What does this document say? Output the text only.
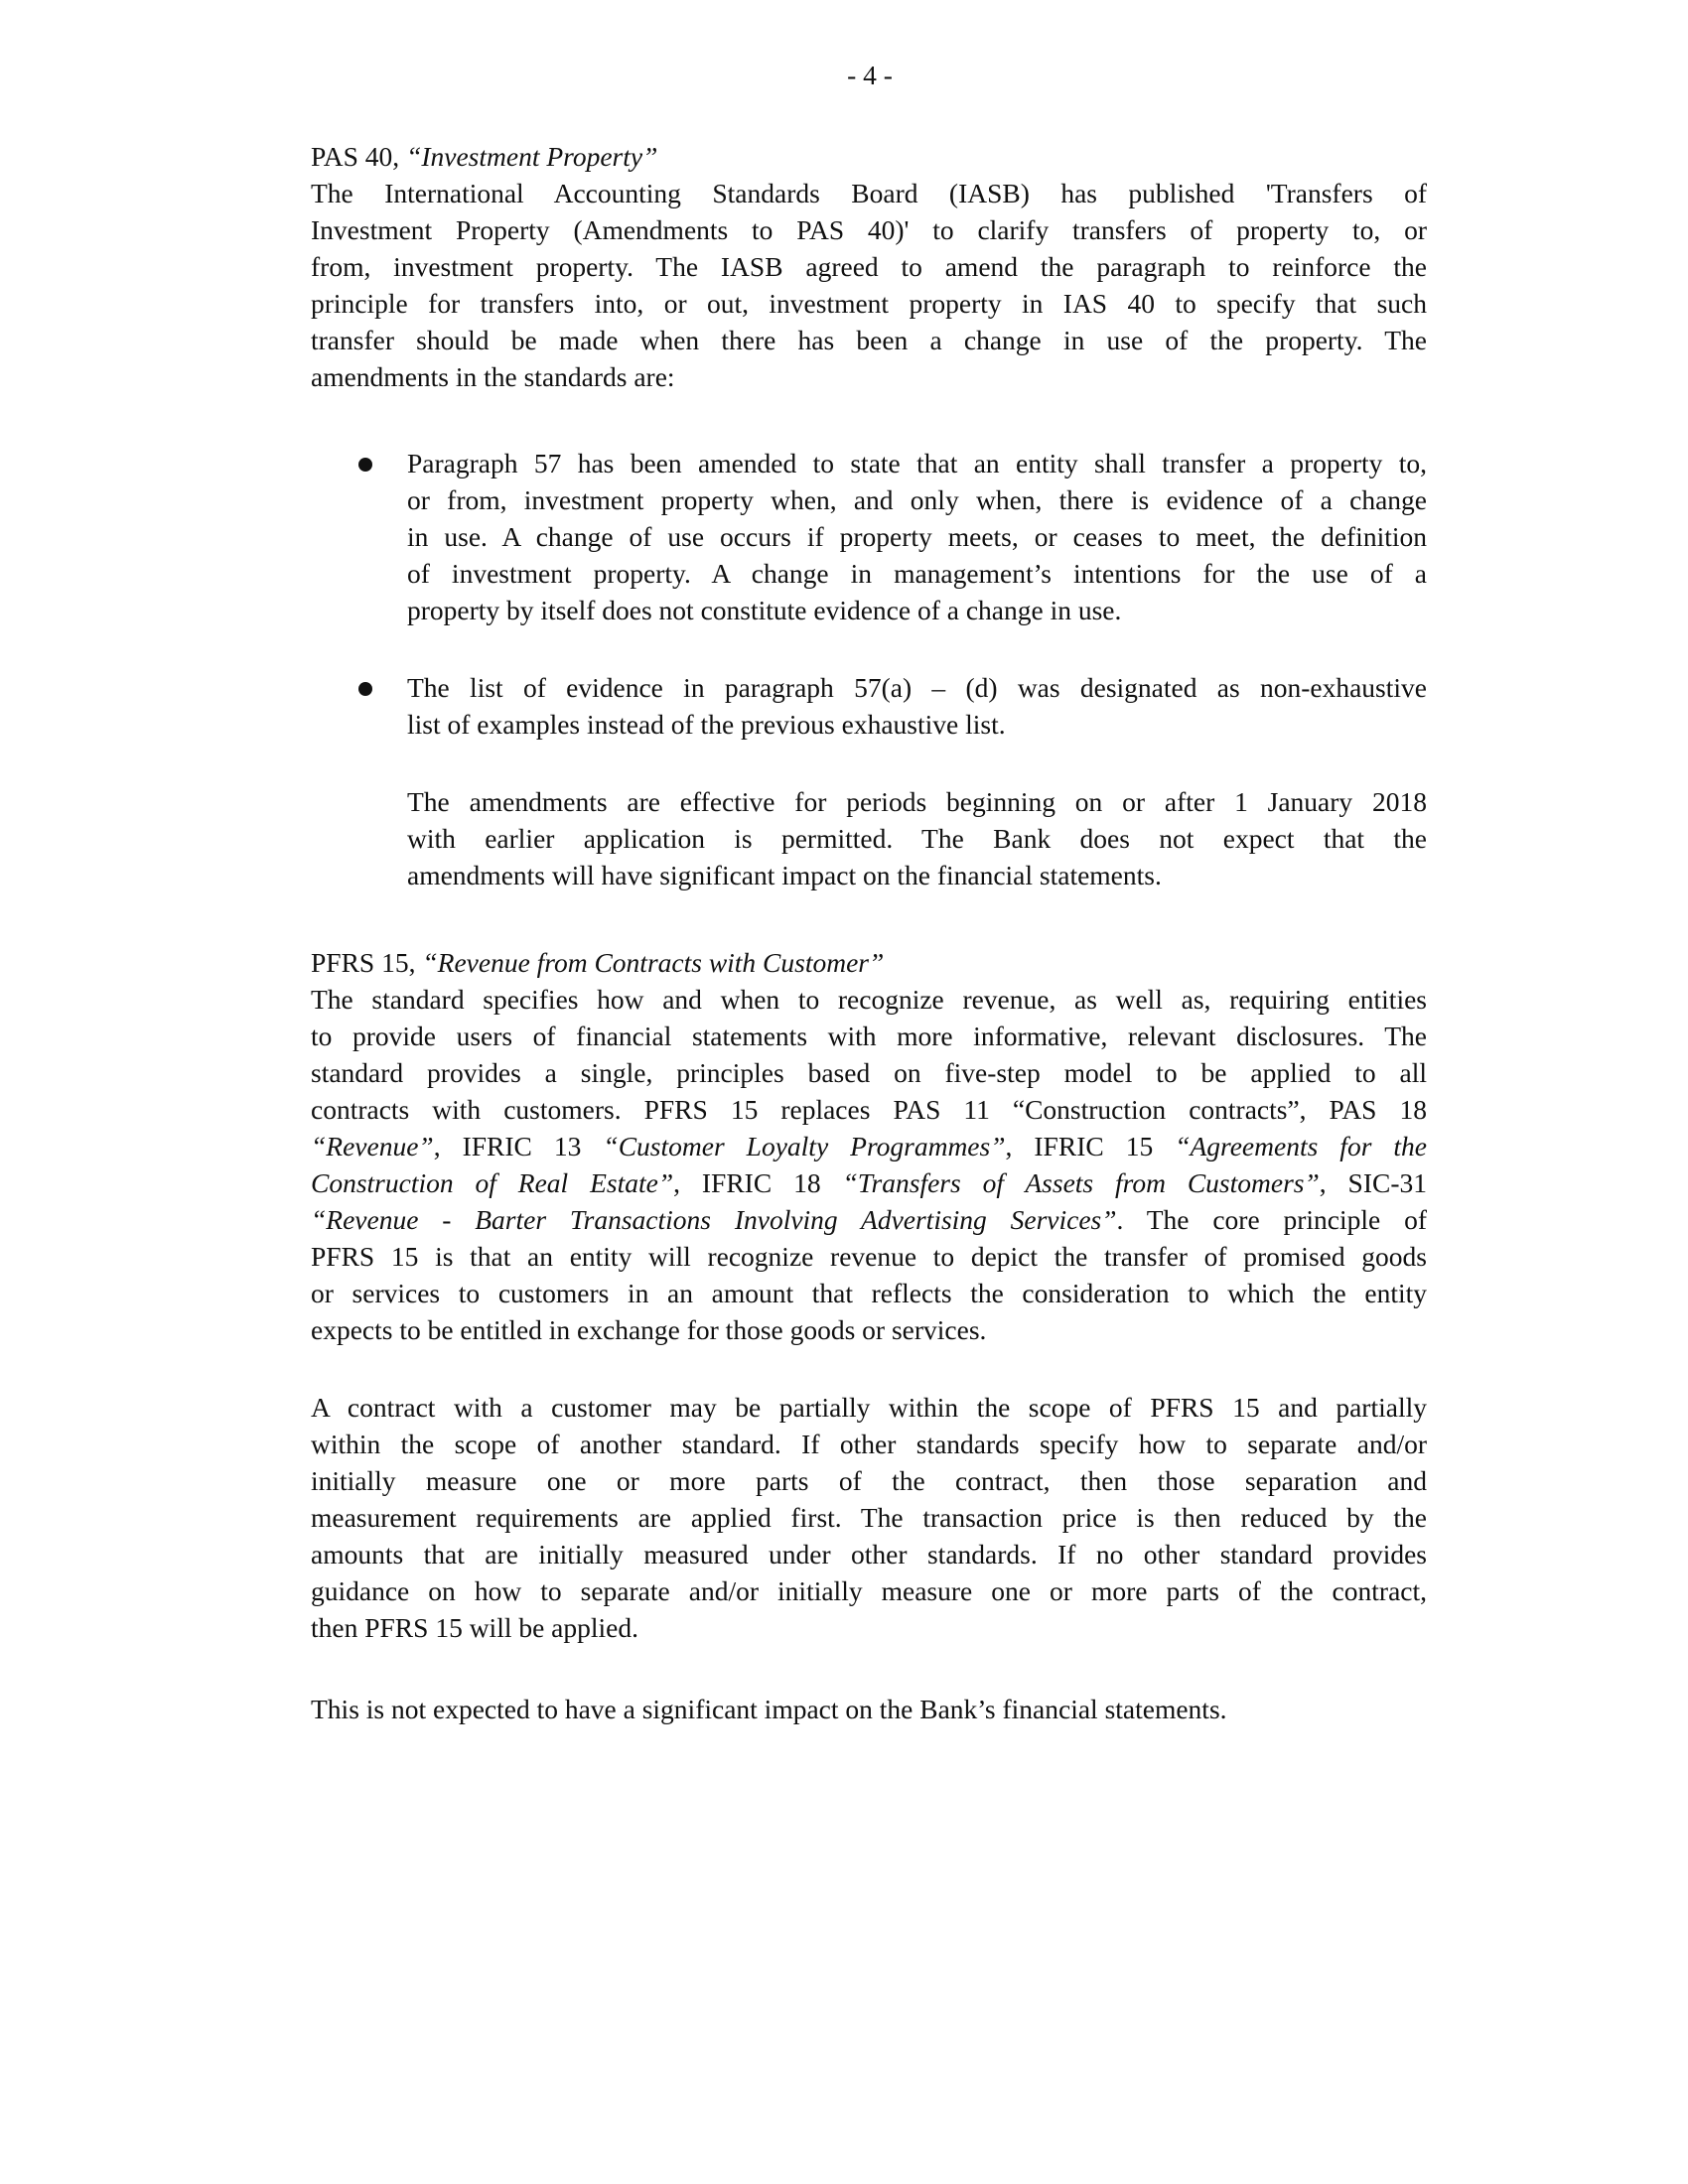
- 4 -
PAS 40, “Investment Property”
The International Accounting Standards Board (IASB) has published 'Transfers of
Investment Property (Amendments to PAS 40)' to clarify transfers of property to, or
from, investment property. The IASB agreed to amend the paragraph to reinforce the
principle for transfers into, or out, investment property in IAS 40 to specify that such
transfer should be made when there has been a change in use of the property. The
amendments in the standards are:
Paragraph 57 has been amended to state that an entity shall transfer a property to,
or from, investment property when, and only when, there is evidence of a change
in use. A change of use occurs if property meets, or ceases to meet, the definition
of investment property. A change in management’s intentions for the use of a
property by itself does not constitute evidence of a change in use.
The list of evidence in paragraph 57(a) – (d) was designated as non-exhaustive
list of examples instead of the previous exhaustive list.
The amendments are effective for periods beginning on or after 1 January 2018
with earlier application is permitted. The Bank does not expect that the
amendments will have significant impact on the financial statements.
PFRS 15, “Revenue from Contracts with Customer”
The standard specifies how and when to recognize revenue, as well as, requiring entities
to provide users of financial statements with more informative, relevant disclosures. The
standard provides a single, principles based on five-step model to be applied to all
contracts with customers. PFRS 15 replaces PAS 11 “Construction contracts”, PAS 18
“Revenue”, IFRIC 13 “Customer Loyalty Programmes”, IFRIC 15 “Agreements for the
Construction of Real Estate”, IFRIC 18 “Transfers of Assets from Customers”, SIC-31
“Revenue - Barter Transactions Involving Advertising Services”. The core principle of
PFRS 15 is that an entity will recognize revenue to depict the transfer of promised goods
or services to customers in an amount that reflects the consideration to which the entity
expects to be entitled in exchange for those goods or services.
A contract with a customer may be partially within the scope of PFRS 15 and partially
within the scope of another standard. If other standards specify how to separate and/or
initially measure one or more parts of the contract, then those separation and
measurement requirements are applied first. The transaction price is then reduced by the
amounts that are initially measured under other standards. If no other standard provides
guidance on how to separate and/or initially measure one or more parts of the contract,
then PFRS 15 will be applied.
This is not expected to have a significant impact on the Bank’s financial statements.
